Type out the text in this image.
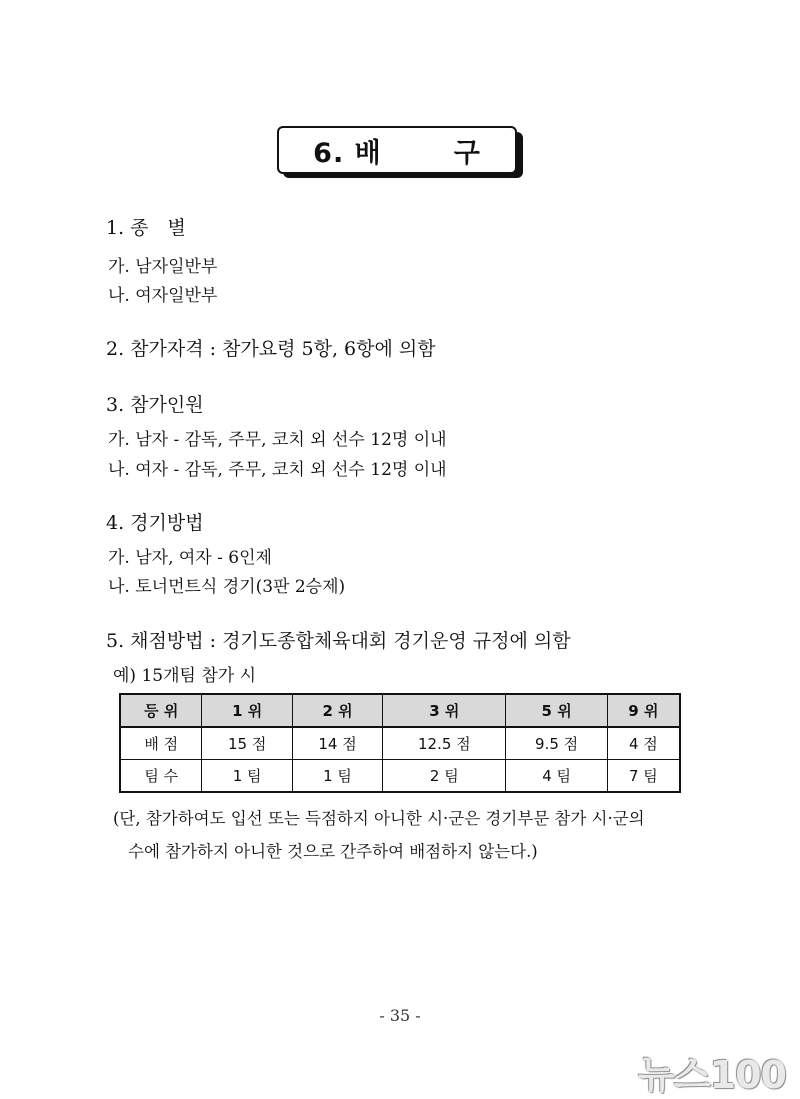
6. 배	구
1. 종　별
가. 남자일반부
나. 여자일반부
2. 참가자격 : 참가요령 5항, 6항에 의함
3. 참가인원
가. 남자 - 감독, 주무, 코치 외 선수 12명 이내
나. 여자 - 감독, 주무, 코치 외 선수 12명 이내
4. 경기방법
가. 남자, 여자 - 6인제
나. 토너먼트식 경기(3판 2승제)
5. 채점방법 : 경기도종합체육대회 경기운영 규정에 의함
예) 15개팀 참가 시
등 위	1 위	2 위	3 위	5 위	9 위
배 점	15 점	14 점	12.5 점	9.5 점	4 점
팀 수	1 팀	1 팀	2 팀	4 팀	7 팀
(단, 참가하여도 입선 또는 득점하지 아니한 시·군은 경기부문 참가 시·군의
수에 참가하지 아니한 것으로 간주하여 배점하지 않는다.)
- 35 -
뉴스100
